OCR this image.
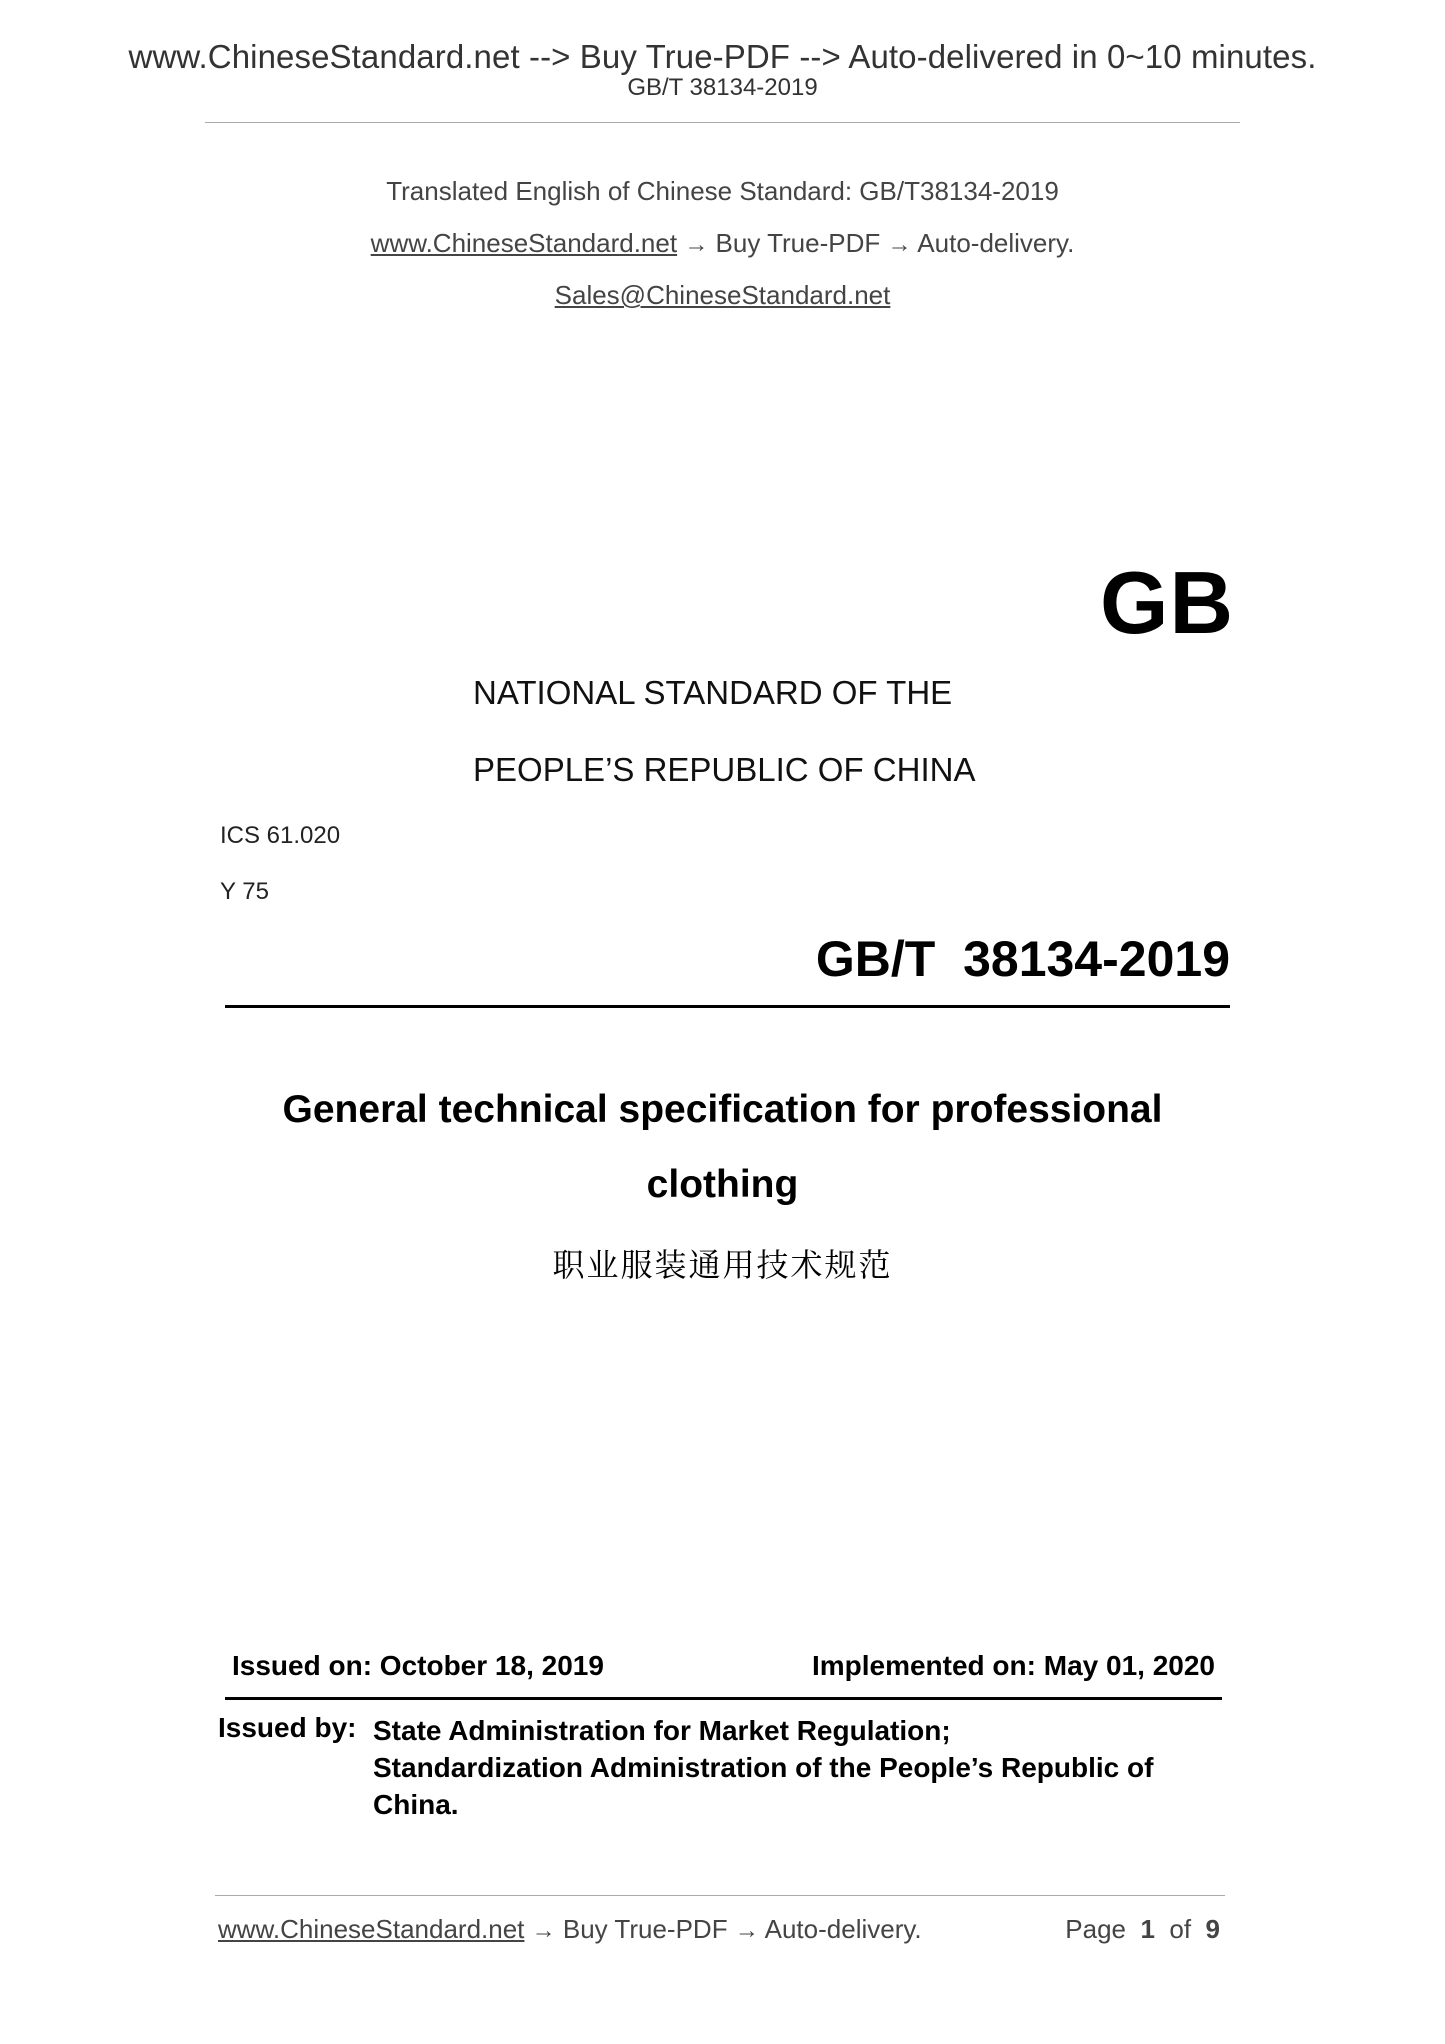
www.ChineseStandard.net --> Buy True-PDF --> Auto-delivered in 0~10 minutes.
GB/T 38134-2019
Translated English of Chinese Standard: GB/T38134-2019
www.ChineseStandard.net → Buy True-PDF → Auto-delivery.
Sales@ChineseStandard.net
GB
NATIONAL STANDARD OF THE
PEOPLE’S REPUBLIC OF CHINA
ICS 61.020
Y 75
GB/T  38134-2019
General technical specification for professional
clothing
职业服装通用技术规范
Issued on: October 18, 2019	Implemented on: May 01, 2020
Issued by: State Administration for Market Regulation;
Standardization Administration of the People’s Republic of
China.
www.ChineseStandard.net → Buy True-PDF → Auto-delivery.	Page 1 of 9
